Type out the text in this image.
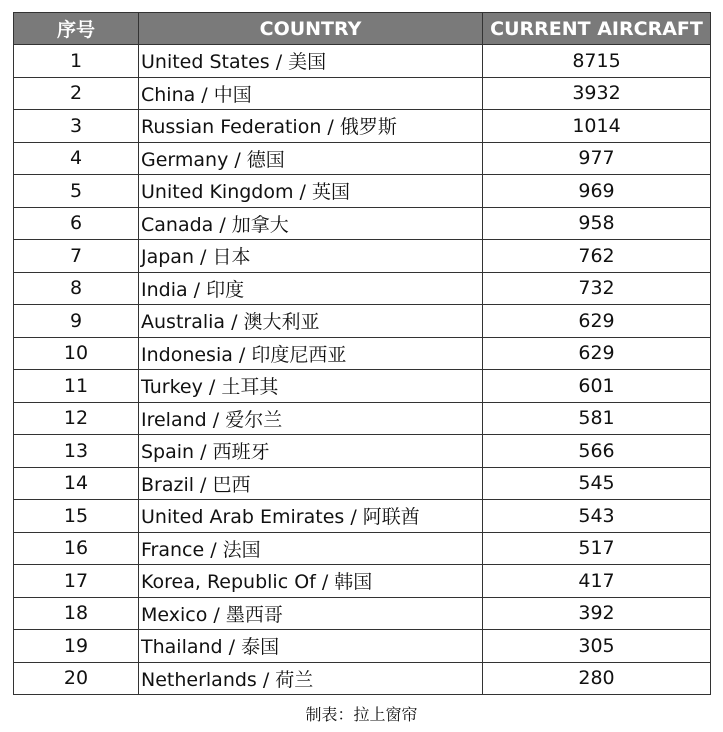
序号	COUNTRY	CURRENT AIRCRAFT
1	United States / 美国	8715
2	China / 中国	3932
3	Russian Federation / 俄罗斯	1014
4	Germany / 德国	977
5	United Kingdom / 英国	969
6	Canada / 加拿大	958
7	Japan / 日本	762
8	India / 印度	732
9	Australia / 澳大利亚	629
10	Indonesia / 印度尼西亚	629
11	Turkey / 土耳其	601
12	Ireland / 爱尔兰	581
13	Spain / 西班牙	566
14	Brazil / 巴西	545
15	United Arab Emirates / 阿联酋	543
16	France / 法国	517
17	Korea, Republic Of / 韩国	417
18	Mexico / 墨西哥	392
19	Thailand / 泰国	305
20	Netherlands / 荷兰	280
制表：拉上窗帘
